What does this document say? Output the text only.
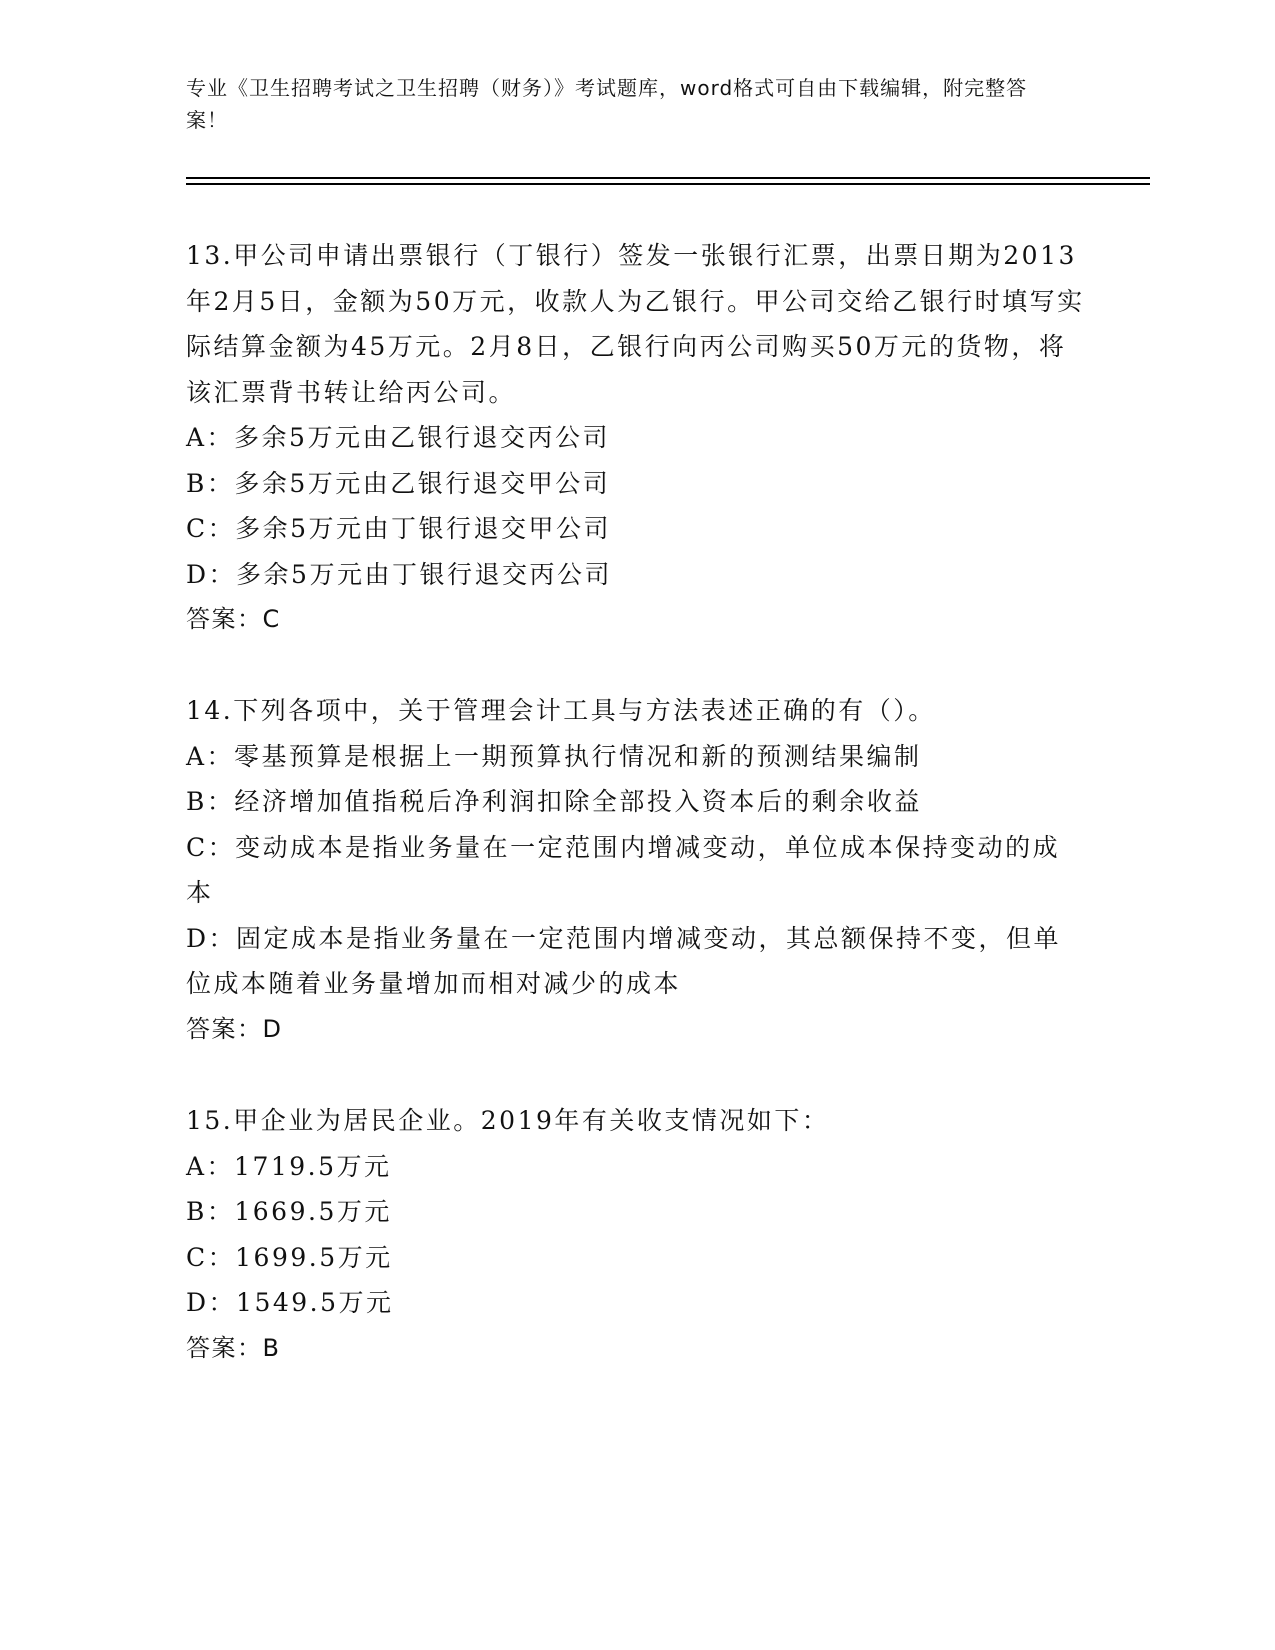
专业《卫生招聘考试之卫生招聘（财务）》考试题库，word格式可自由下载编辑，附完整答案！

13.甲公司申请出票银行（丁银行）签发一张银行汇票，出票日期为2013年2月5日，金额为50万元，收款人为乙银行。甲公司交给乙银行时填写实际结算金额为45万元。2月8日，乙银行向丙公司购买50万元的货物，将该汇票背书转让给丙公司。

A：多余5万元由乙银行退交丙公司

B：多余5万元由乙银行退交甲公司

C：多余5万元由丁银行退交甲公司

D：多余5万元由丁银行退交丙公司

答案：C

14.下列各项中，关于管理会计工具与方法表述正确的有（）。

A：零基预算是根据上一期预算执行情况和新的预测结果编制

B：经济增加值指税后净利润扣除全部投入资本后的剩余收益

C：变动成本是指业务量在一定范围内增减变动，单位成本保持变动的成本

D：固定成本是指业务量在一定范围内增减变动，其总额保持不变，但单位成本随着业务量增加而相对减少的成本

答案：D

15.甲企业为居民企业。2019年有关收支情况如下：

A：1719.5万元

B：1669.5万元

C：1699.5万元

D：1549.5万元

答案：B
